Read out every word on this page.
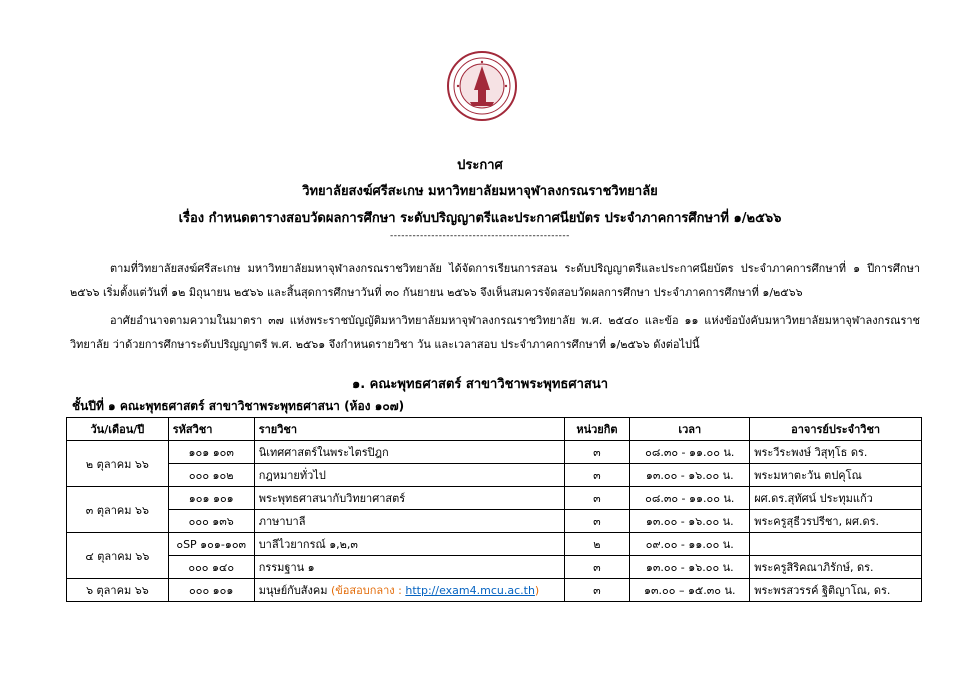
ประกาศ
วิทยาลัยสงฆ์ศรีสะเกษ มหาวิทยาลัยมหาจุฬาลงกรณราชวิทยาลัย
เรื่อง กำหนดตารางสอบวัดผลการศึกษา ระดับปริญญาตรีและประกาศนียบัตร ประจำภาคการศึกษาที่ ๑/๒๕๖๖
------------------------------------------------
ตามที่วิทยาลัยสงฆ์ศรีสะเกษ มหาวิทยาลัยมหาจุฬาลงกรณราชวิทยาลัย ได้จัดการเรียนการสอน ระดับปริญญาตรีและประกาศนียบัตร ประจำภาคการศึกษาที่ ๑ ปีการศึกษา ๒๕๖๖ เริ่มตั้งแต่วันที่ ๑๒ มิถุนายน ๒๕๖๖ และสิ้นสุดการศึกษาวันที่ ๓๐ กันยายน ๒๕๖๖ จึงเห็นสมควรจัดสอบวัดผลการศึกษา ประจำภาคการศึกษาที่ ๑/๒๕๖๖
อาศัยอำนาจตามความในมาตรา ๓๗ แห่งพระราชบัญญัติมหาวิทยาลัยมหาจุฬาลงกรณราชวิทยาลัย พ.ศ. ๒๕๔๐ และข้อ ๑๑ แห่งข้อบังคับมหาวิทยาลัยมหาจุฬาลงกรณราชวิทยาลัย ว่าด้วยการศึกษาระดับปริญญาตรี พ.ศ. ๒๕๖๑ จึงกำหนดรายวิชา วัน และเวลาสอบ ประจำภาคการศึกษาที่ ๑/๒๕๖๖ ดังต่อไปนี้
๑. คณะพุทธศาสตร์ สาขาวิชาพระพุทธศาสนา
ชั้นปีที่ ๑ คณะพุทธศาสตร์ สาขาวิชาพระพุทธศาสนา (ห้อง ๑๐๗)
วัน/เดือน/ปี	รหัสวิชา	รายวิชา	หน่วยกิต	เวลา	อาจารย์ประจำวิชา
๒ ตุลาคม ๖๖	๑๐๑ ๑๐๓	นิเทศศาสตร์ในพระไตรปิฎก	๓	๐๘.๓๐ - ๑๑.๐๐ น.	พระวีระพงษ์ วิสุทฺโธ ดร.
	๐๐๐ ๑๐๒	กฎหมายทั่วไป	๓	๑๓.๐๐ - ๑๖.๐๐ น.	พระมหาตะวัน ตปคุโณ
๓ ตุลาคม ๖๖	๑๐๑ ๑๐๑	พระพุทธศาสนากับวิทยาศาสตร์	๓	๐๘.๓๐ - ๑๑.๐๐ น.	ผศ.ดร.สุทัศน์ ประทุมแก้ว
	๐๐๐ ๑๓๖	ภาษาบาลี	๓	๑๓.๐๐ - ๑๖.๐๐ น.	พระครูสุธีวรปรีชา, ผศ.ดร.
๔ ตุลาคม ๖๖	๐SP ๑๐๑-๑๐๓	บาลีไวยากรณ์ ๑,๒,๓	๒	๐๙.๐๐ - ๑๑.๐๐ น.	
	๐๐๐ ๑๔๐	กรรมฐาน ๑	๓	๑๓.๐๐ - ๑๖.๐๐ น.	พระครูสิริคณาภิรักษ์, ดร.
๖ ตุลาคม ๖๖	๐๐๐ ๑๐๑	มนุษย์กับสังคม (ข้อสอบกลาง : http://exam4.mcu.ac.th)	๓	๑๓.๐๐ – ๑๕.๓๐ น.	พระพรสวรรค์ ฐิติญาโณ, ดร.
